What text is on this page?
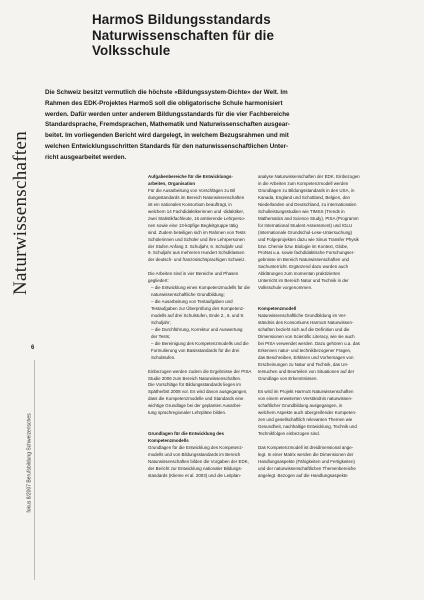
HarmoS Bildungsstandards
Naturwissenschaften für die
Volksschule
Naturwissenschaften
6
fokus 8/2007 Berufsbildung Schweizerisches
Die Schweiz besitzt vermutlich die höchste «Bildungssystem-Dichte» der Welt. Im
Rahmen des EDK-Projektes HarmoS soll die obligatorische Schule harmonisiert
werden. Dafür werden unter anderem Bildungsstandards für die vier Fachbereiche
Standardsprache, Fremdsprachen, Mathematik und Naturwissenschaften ausgear-
beitet. Im vorliegenden Bericht wird dargelegt, in welchem Bezugsrahmen und mit
welchen Entwicklungsschritten Standards für den naturwissenschaftlichen Unter-
richt ausgearbeitet werden.
Aufgabenbereiche für die Entwicklungs-
arbeiten, Organisation
Für die Ausarbeitung von Vorschlägen zu Bil
dungsstandards im Bereich Naturwissenschaften
ist ein nationales Konsortium beauftragt, in
welchem 14 Fachdidaktikerinnen und -didaktiker,
zwei Statistikfachleute, 16 amtierende Lehrperso-
nen sowie eine 13-köpfige Begleitgruppe tätig
sind. Zudem beteiligen sich im Rahmen von Tests
Schülerinnen und Schüler und ihre Lehrpersonen
der Stufen Anfang 3. Schuljahr, 6. Schuljahr und
9. Schuljahr aus mehreren Hundert Schulklassen
der deutsch- und französischsprachigen Schweiz.
Die Arbeiten sind in vier Bereiche und Phasen
gegliedert:
– die Entwicklung eines Kompetenzmodells für die
naturwissenschaftliche Grundbildung;
– die Ausarbeitung von Testaufgaben und
Testaufgaben zur Überprüfung des Kompetenz-
modells auf drei Schulstufen, Ende 2., 6. und 9.
Schuljahr;
– die Durchführung, Korrektur und Auswertung
der Tests;
– die Bereinigung des Kompetenzmodells und die
Formulierung von Basisstandards für die drei
Schulstufen.
Einbezogen werden zudem die Ergebnisse der PISA
Studie 2006 zum Bereich Naturwissenschaften.
Die Vorschläge für Bildungsstandards liegen im
Spätherbst 2008 vor. Es wird davon ausgegangen,
dass die Kompetenzmodelle und Standards eine
wichtige Grundlage bei der geplanten Ausarbei-
tung sprachregionaler Lehrpläne bilden.
Grundlagen für die Entwicklung des
Kompetenzmodells
Grundlagen für die Entwicklung des Kompetenz-
modells und von Bildungsstandards im Bereich
Naturwissenschaften bilden die Vorgaben der EDK,
der Bericht zur Entwicklung nationaler Bildungs-
standards (Klieme et al. 2003) und die Leitplan-
analyse Naturwissenschaften der EDK. Einbezogen
in die Arbeiten zum Kompetenzmodell werden
Grundlagen zu Bildungsstandards in den USA, in
Kanada, England und Schottland, Belgien, den
Niederlanden und Deutschland, zu internationalen
Schulleistungsstudien wie TIMSS (Trends in
Mathematics and Science Study), PISA (Programm
for International Student Assessment) und IGLU
(Internationale Grundschul-Lese-Untersuchung)
und Folgeprojekten dazu wie Sinus Transfer Physik
bzw. Chemie bzw. Biologie im Kontext, Globe,
ProNat u.a. sowie fachdidaktische Forschungser-
gebnisse im Bereich Naturwissenschaften und
Sachunterricht. Ergänzend dazu wurden auch
Abklärungen zum momentan praktizierten
Unterricht im Bereich Natur und Technik in der
Volksschule vorgenommen.
Kompetenzmodell
Naturwissenschaftliche Grundbildung im Ver-
ständnis des Konsortiums HarmoS Naturwissen-
schaften bezieht sich auf die Definition und die
Dimensionen von Scientific Literacy, wie sie auch
bei PISA verwendet werden. Dazu gehören u.a. das
Erkennen natur- und technikbezogener Fragen,
das Beschreiben, Erklären und Vorhersagen von
Erscheinungen zu Natur und Technik, das Un-
tersuchen und Beurteilen von Situationen auf der
Grundlage von Erkenntnissen.
Es wird im Projekt HarmoS Naturwissenschaften
von einem erweiterten Verständnis naturwissen-
schaftlicher Grundbildung ausgegangen, in
welchem Aspekte auch übergreifender Kompeten-
zen und gesellschaftlich relevanten Themen wie
Gesundheit, nachhaltige Entwicklung, Technik und
Technikfolgen einbezogen sind.
Das Kompetenzmodell ist dreidimensional ange-
legt. In einer Matrix werden die Dimensionen der
Handlungsaspekte (Fähigkeiten und Fertigkeiten)
und der naturwissenschaftlichen Themenbereiche
angelegt. Bezogen auf die Handlungsaspekte
